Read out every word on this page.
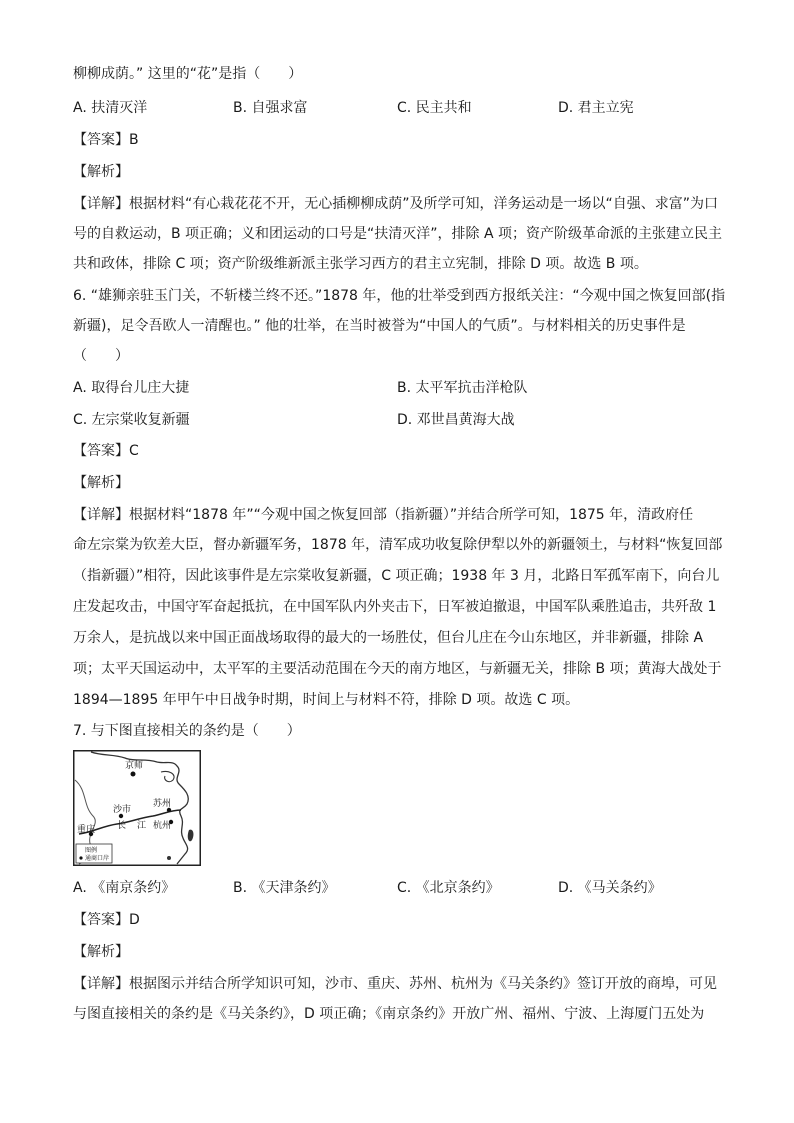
柳柳成荫。” 这里的“花”是指（　　）
A. 扶清灭洋	B. 自强求富	C. 民主共和	D. 君主立宪
【答案】B
【解析】
【详解】根据材料“有心栽花花不开，无心插柳柳成荫”及所学可知，洋务运动是一场以“自强、求富”为口
号的自救运动，B 项正确；义和团运动的口号是“扶清灭洋”，排除 A 项；资产阶级革命派的主张建立民主
共和政体，排除 C 项；资产阶级维新派主张学习西方的君主立宪制，排除 D 项。故选 B 项。
6. “雄狮亲驻玉门关，不斩楼兰终不还。”1878 年，他的壮举受到西方报纸关注：“今观中国之恢复回部(指
新疆)，足令吾欧人一清醒也。” 他的壮举，在当时被誉为“中国人的气质”。与材料相关的历史事件是
（　　）
A. 取得台儿庄大捷	B. 太平军抗击洋枪队
C. 左宗棠收复新疆	D. 邓世昌黄海大战
【答案】C
【解析】
【详解】根据材料“1878 年”“今观中国之恢复回部（指新疆）”并结合所学可知，1875 年，清政府任
命左宗棠为钦差大臣，督办新疆军务，1878 年，清军成功收复除伊犁以外的新疆领土，与材料“恢复回部
（指新疆）”相符，因此该事件是左宗棠收复新疆，C 项正确；1938 年 3 月，北路日军孤军南下，向台儿
庄发起攻击，中国守军奋起抵抗，在中国军队内外夹击下，日军被迫撤退，中国军队乘胜追击，共歼敌 1
万余人，是抗战以来中国正面战场取得的最大的一场胜仗，但台儿庄在今山东地区，并非新疆，排除 A
项；太平天国运动中，太平军的主要活动范围在今天的南方地区，与新疆无关，排除 B 项；黄海大战处于
1894—1895 年甲午中日战争时期，时间上与材料不符，排除 D 项。故选 C 项。
7. 与下图直接相关的条约是（　　）
京师
沙市
苏州
长 江 杭州
重庆
图例
通商口岸
A. 《南京条约》	B. 《天津条约》	C. 《北京条约》	D. 《马关条约》
【答案】D
【解析】
【详解】根据图示并结合所学知识可知，沙市、重庆、苏州、杭州为《马关条约》签订开放的商埠，可见
与图直接相关的条约是《马关条约》，D 项正确；《南京条约》开放广州、福州、宁波、上海厦门五处为
